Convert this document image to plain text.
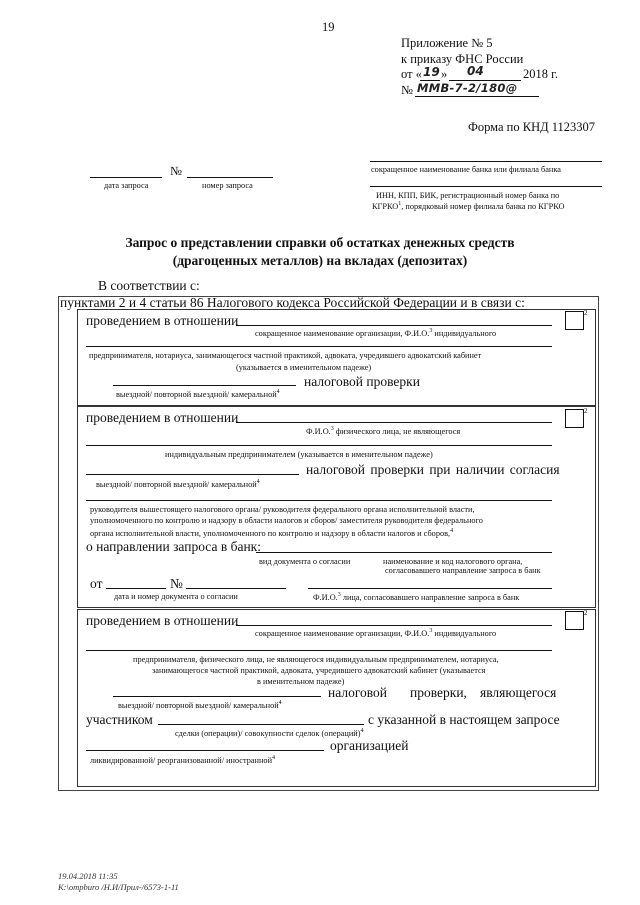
19
Приложение № 5
к приказу ФНС России
от « 19 » 04	2018 г.
№ ММВ-7-2/180@
Форма по КНД 1123307
№
дата запроса	номер запроса
сокращенное наименование банка или филиала банка
ИНН, КПП, БИК, регистрационный номер банка по
КГРКО$^1$, порядковый номер филиала банка по КГРКО
Запрос о представлении справки об остатках денежных средств
(драгоценных металлов) на вкладах (депозитах)
В соответствии с:
пунктами 2 и 4 статьи 86 Налогового кодекса Российской Федерации и в связи с:
проведением в отношении	2
сокращенное наименование организации, Ф.И.О.$^3$ индивидуального
предпринимателя, нотариуса, занимающегося частной практикой, адвоката, учредившего адвокатский кабинет
(указывается в именительном падеже)
налоговой проверки
выездной/ повторной выездной/ камеральной$^4$
проведением в отношении	2
Ф.И.О.$^3$ физического лица, не являющегося
индивидуальным предпринимателем (указывается в именительном падеже)
налоговой проверки при наличии согласия
выездной/ повторной выездной/ камеральной$^4$
руководителя вышестоящего налогового органа/ руководителя федерального органа исполнительной власти,
уполномоченного по контролю и надзору в области налогов и сборов/ заместителя руководителя федерального
органа исполнительной власти, уполномоченного по контролю и надзору в области налогов и сборов,$^4$
о направлении запроса в банк:
вид документа о согласии	наименование и код налогового органа,
согласовавшего направление запроса в банк
от	№
дата и номер документа о согласии	Ф.И.О.$^3$ лица, согласовавшего направление запроса в банк
проведением в отношении	2
сокращенное наименование организации, Ф.И.О.$^3$ индивидуального
предпринимателя, физического лица, не являющегося индивидуальным предпринимателем, нотариуса,
занимающегося частной практикой, адвоката, учредившего адвокатский кабинет (указывается
в именительном падеже)
налоговой проверки, являющегося
выездной/ повторной выездной/ камеральной$^4$
участником	с указанной в настоящем запросе
сделки (операции)/ совокупности сделок (операций)$^4$
организацией
ликвидированной/ реорганизованной/ иностранной$^4$
19.04.2018 11:35
K:\ompburo /Н.И/Прил-/6573-1-11
